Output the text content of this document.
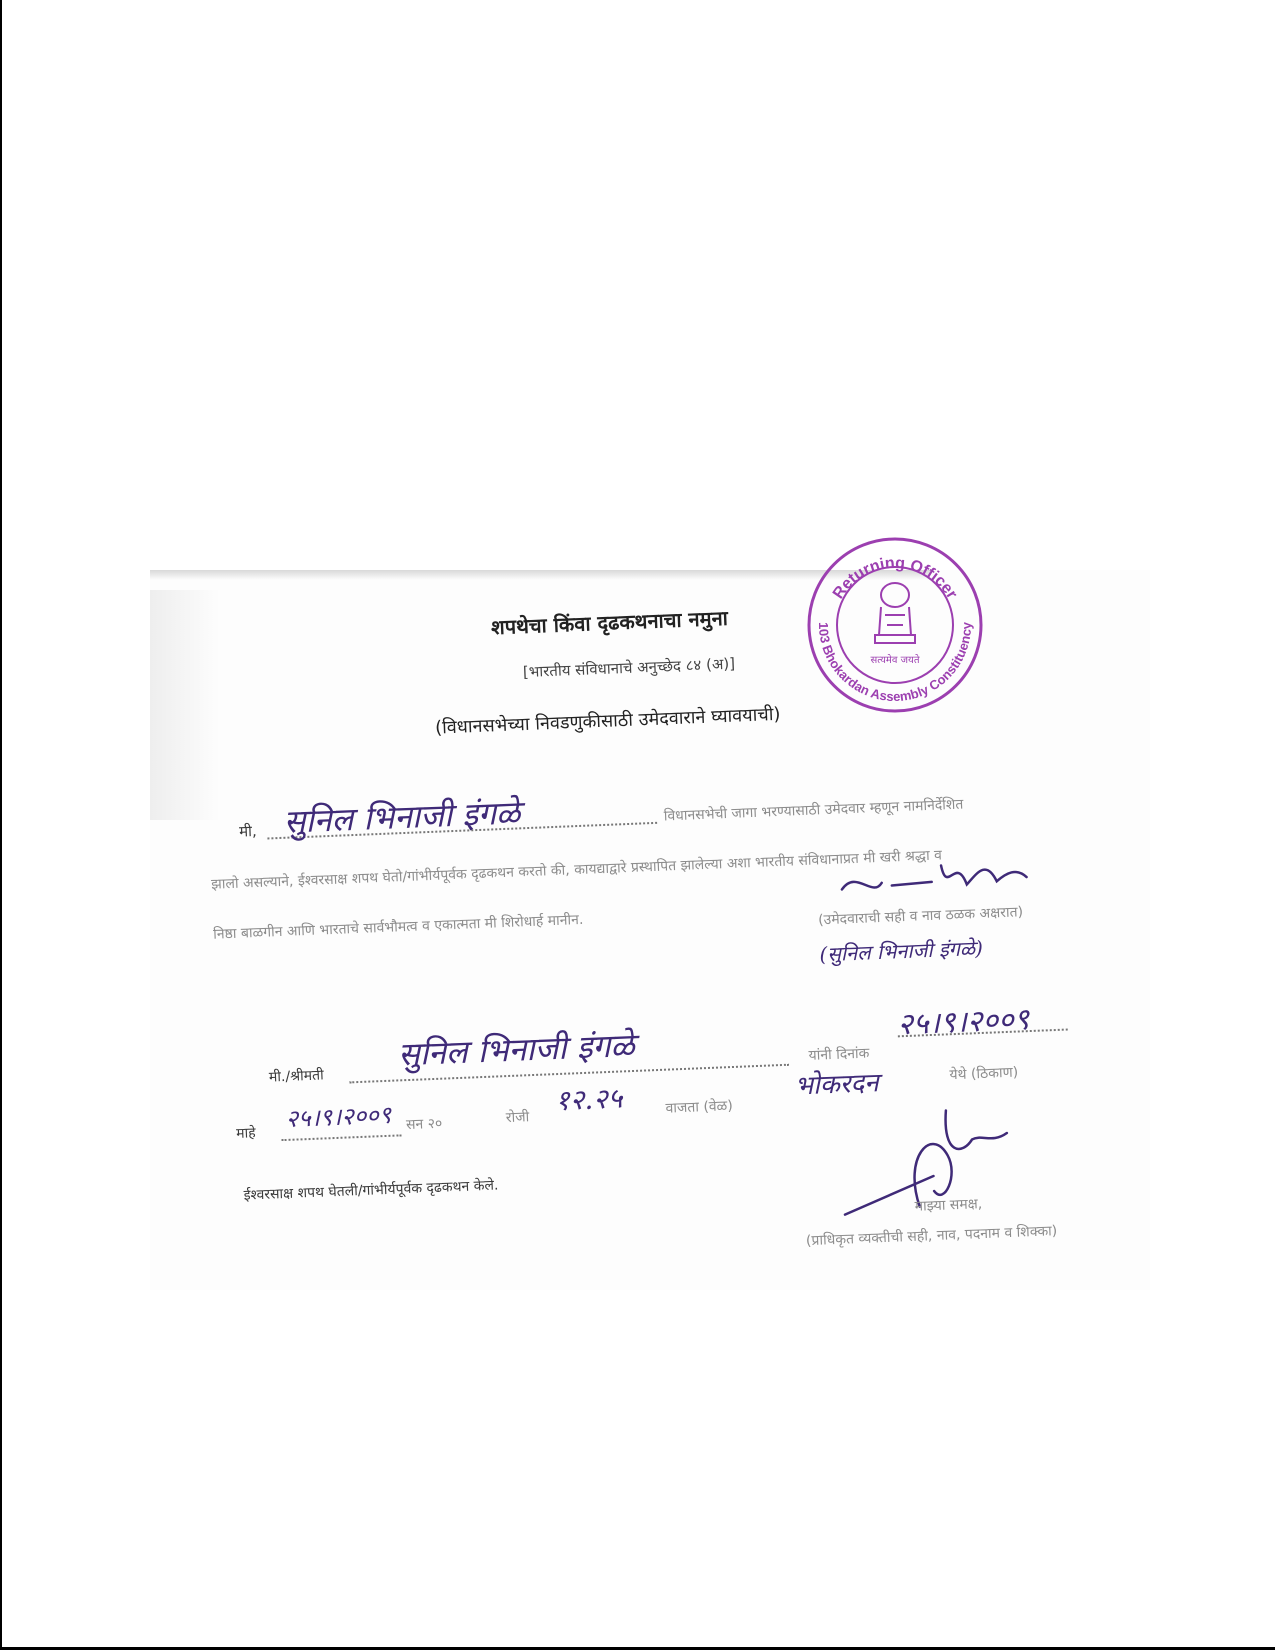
शपथेचा किंवा दृढकथनाचा नमुना
[भारतीय संविधानाचे अनुच्छेद ८४ (अ)]
(विधानसभेच्या निवडणुकीसाठी उमेदवाराने घ्यावयाची)
मी, सुनिल भिनाजी इंगळे	विधानसभेची जागा भरण्यासाठी उमेदवार म्हणून नामनिर्देशित
झालो असल्याने, ईश्वरसाक्ष शपथ घेतो/गांभीर्यपूर्वक दृढकथन करतो की, कायद्याद्वारे प्रस्थापित झालेल्या अशा भारतीय संविधानाप्रत मी खरी श्रद्धा व
निष्ठा बाळगीन आणि भारताचे सार्वभौमत्व व एकात्मता मी शिरोधार्ह मानीन.	(उमेदवाराची सही व नाव ठळक अक्षरात)
(सुनिल भिनाजी इंगळे)
मी./श्रीमती
सुनिल भिनाजी इंगळे	यांनी दिनांक
२५।९।२००९
येथे (ठिकाण)
माहे
२५।९।२००९ सन २०	रोजी
१२.२५	वाजता (वेळ)
भोकरदन
ईश्वरसाक्ष शपथ घेतली/गांभीर्यपूर्वक दृढकथन केले.
माझ्या समक्ष,
(प्राधिकृत व्यक्तीची सही, नाव, पदनाम व शिक्का)
Returning Officer
103 Bhokardan Assembly Constituency
सत्यमेव जयते
